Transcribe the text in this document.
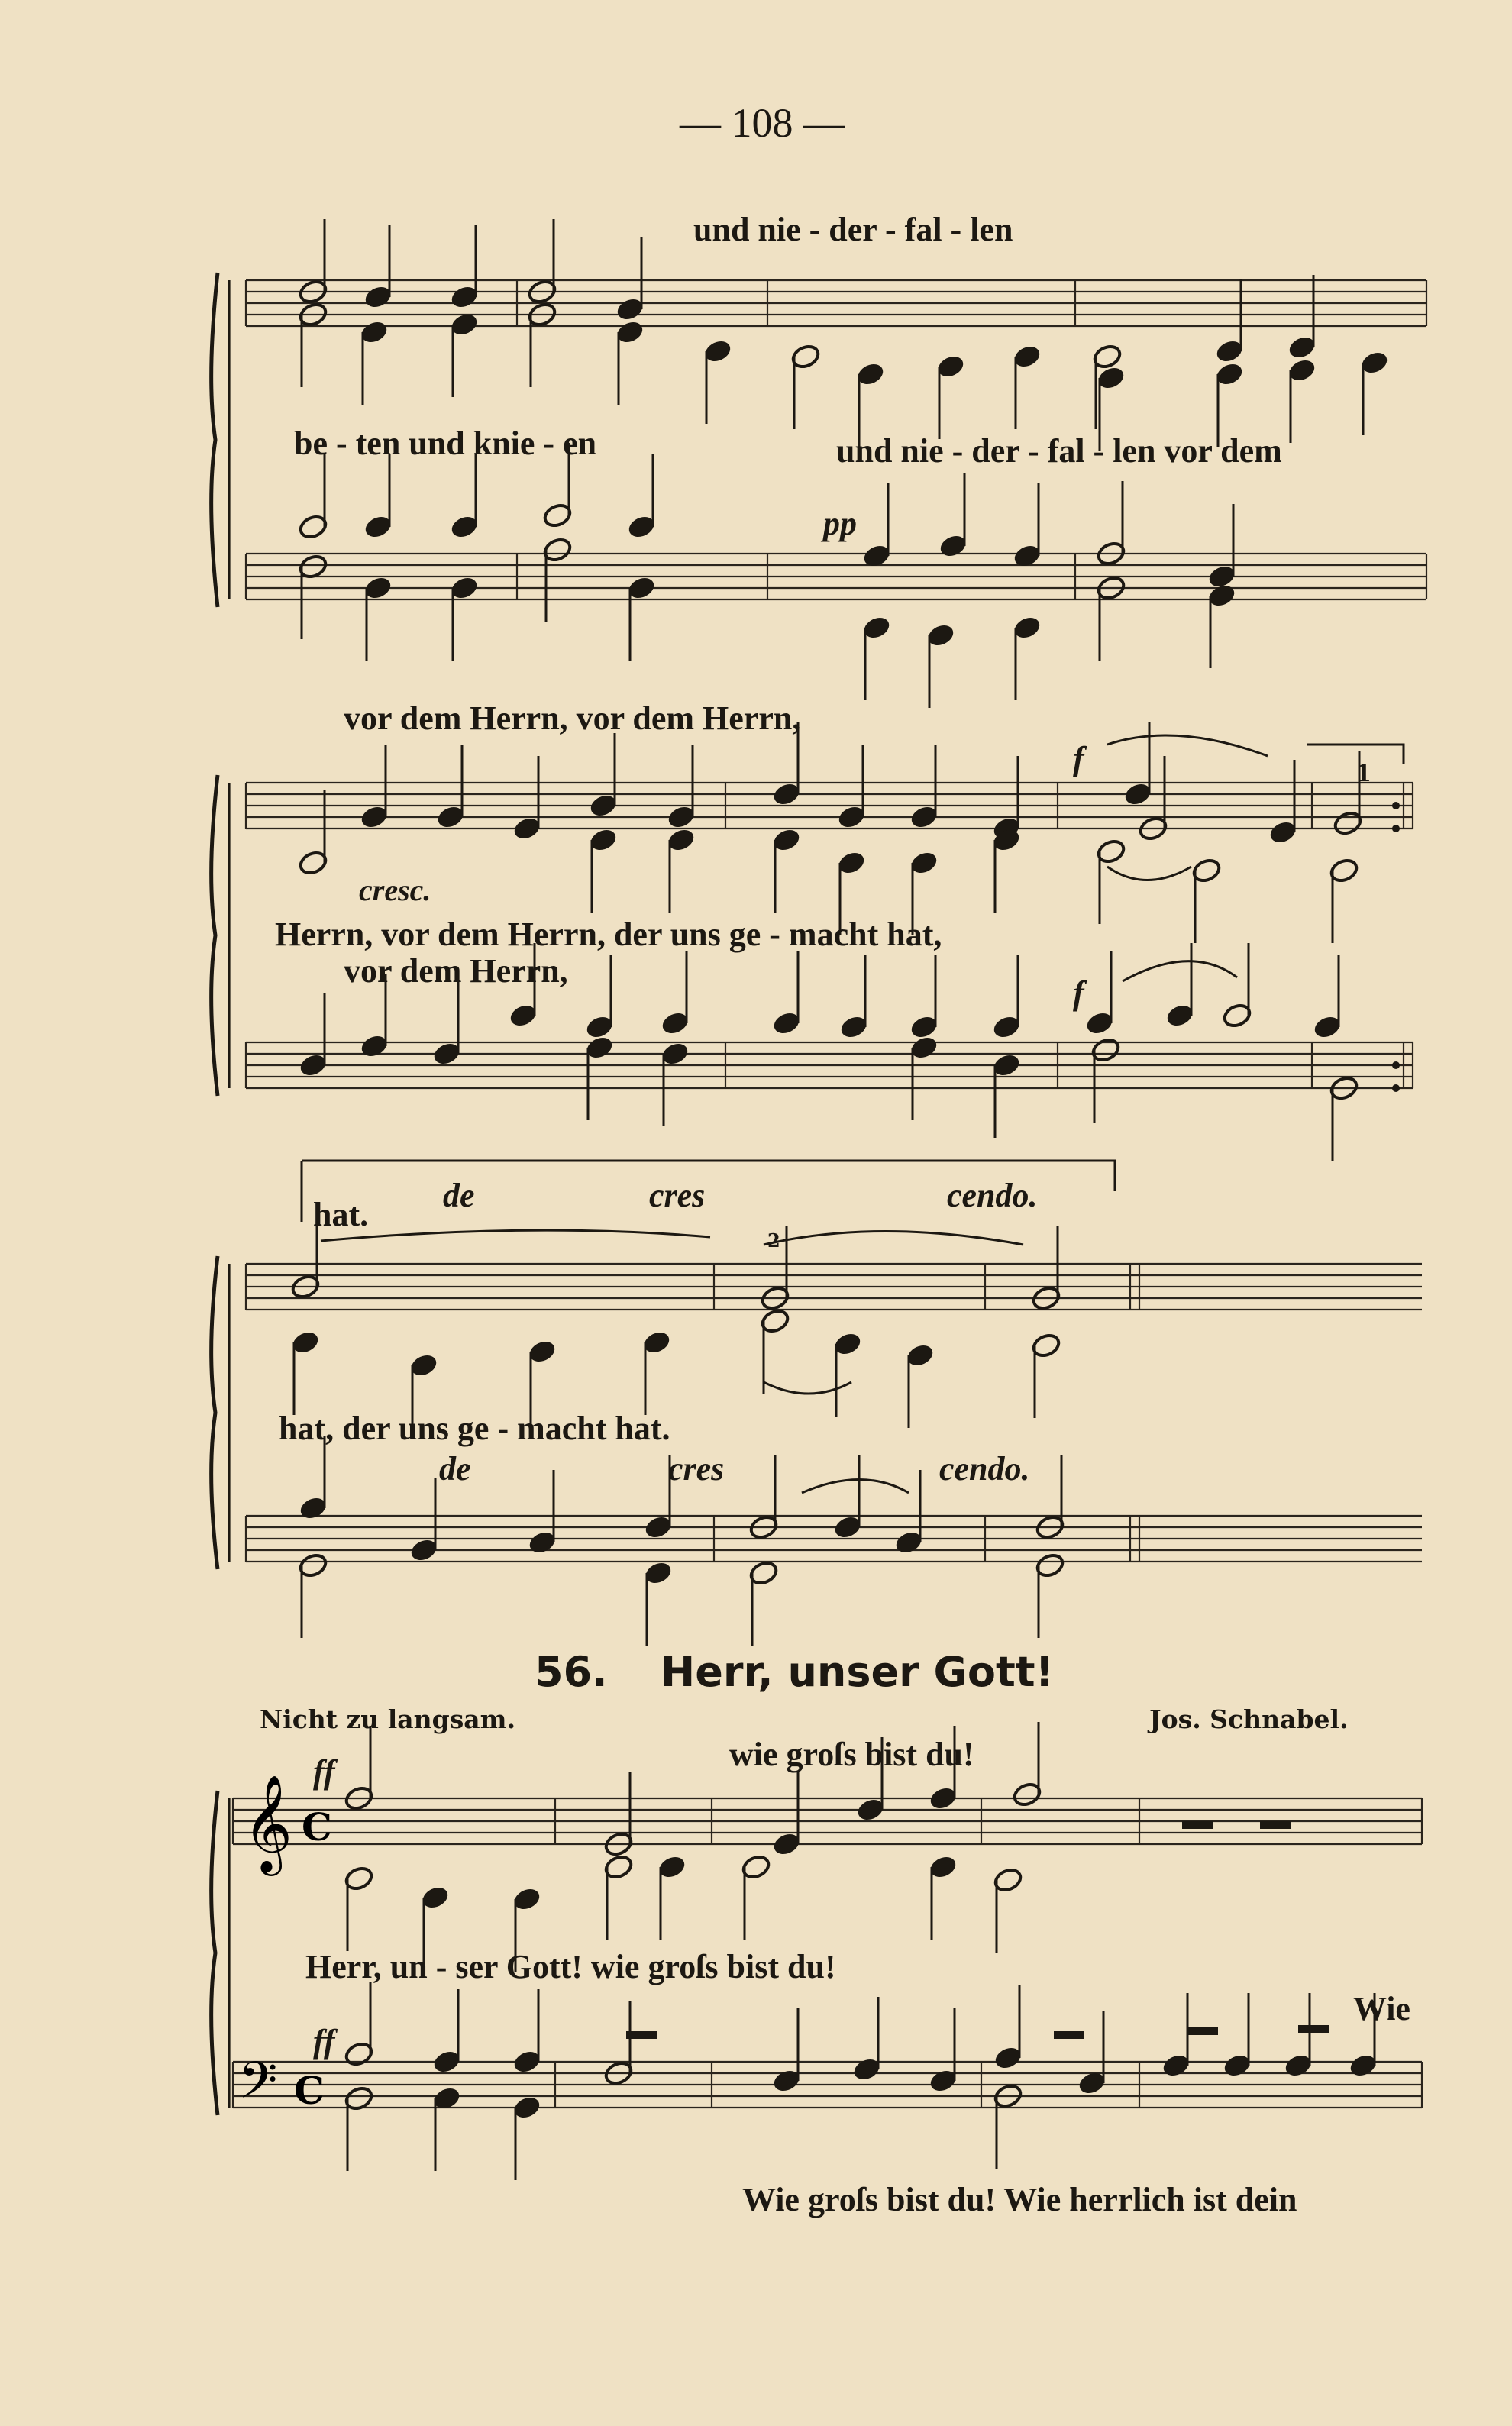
— 108 —
𝄞
𝄢
C
C
und nie - der - fal - len
be - ten und knie - en	und nie - der - fal - len vor dem
pp
vor dem Herrn, vor dem Herrn,
f	1
cresc.
Herrn, vor dem Herrn, der uns ge - macht hat,
vor dem Herrn,
f
hat.
de	cres	cendo.
2
hat, der uns ge - macht hat.
de	cres	cendo.
56. Herr, unser Gott!
Nicht zu langsam.	Jos. Schnabel.
ff	wie groſs bist du!
Herr, un - ser Gott! wie groſs bist du!
ff
Wie
Wie groſs bist du! Wie herrlich ist dein
